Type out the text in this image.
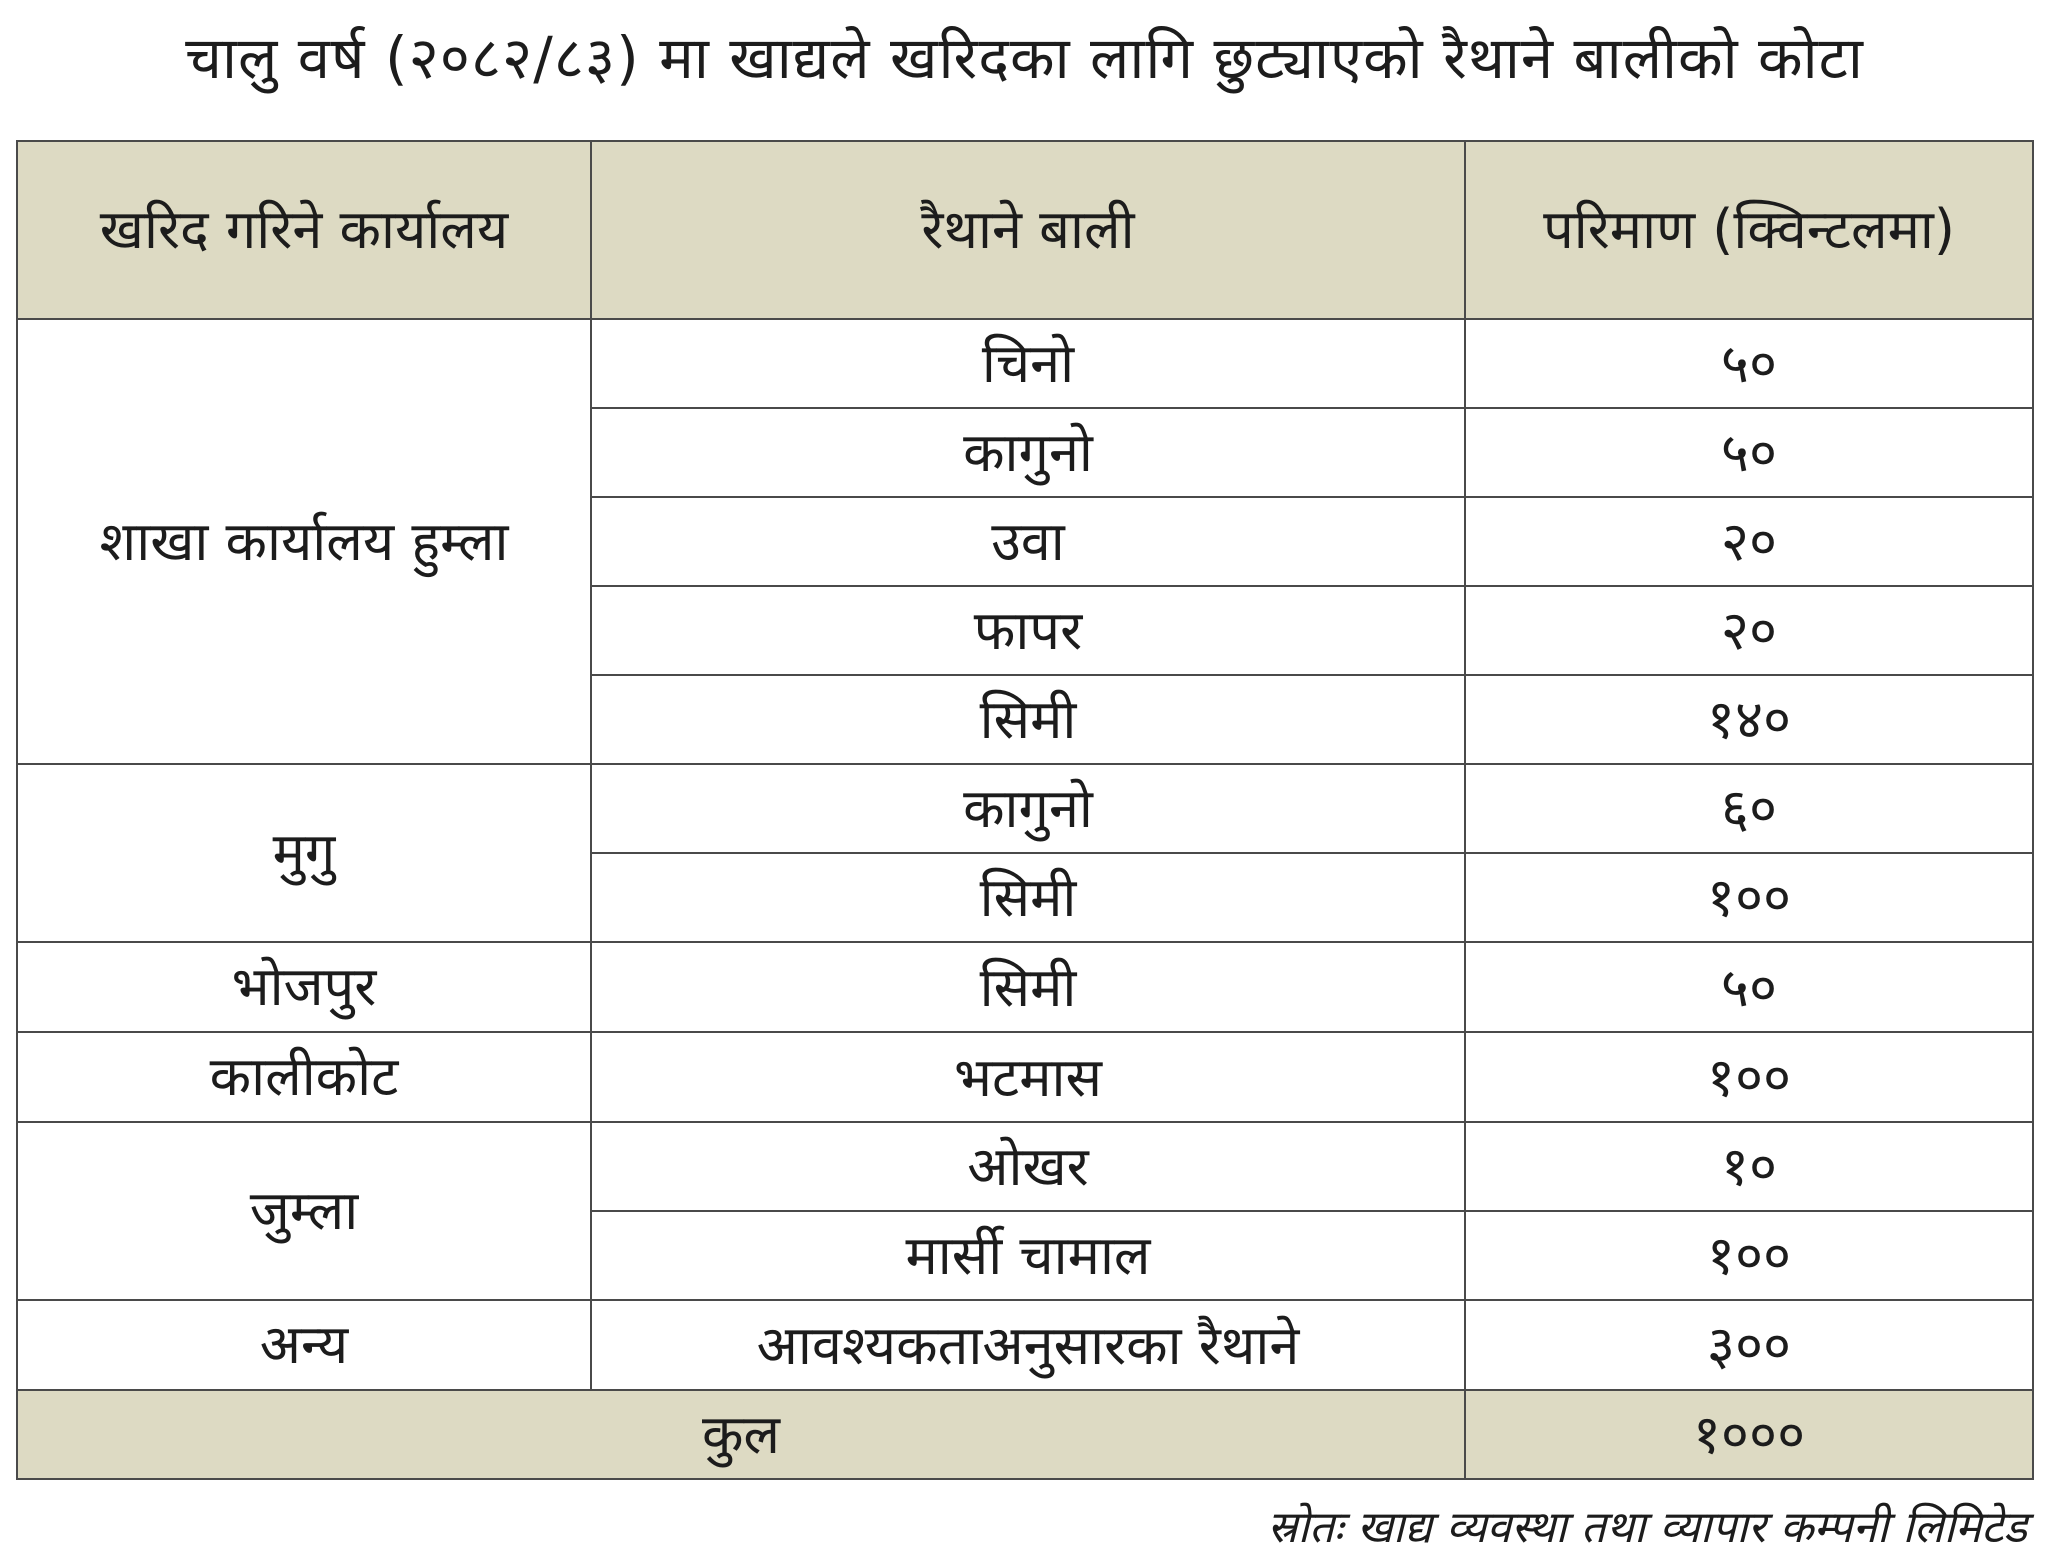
चालु वर्ष (२०८२/८३) मा खाद्यले खरिदका लागि छुट्याएको रैथाने बालीको कोटा
खरिद गरिने कार्यालय	रैथाने बाली	परिमाण (क्विन्टलमा)
शाखा कार्यालय हुम्ला	चिनो	५०
	कागुनो	५०
	उवा	२०
	फापर	२०
	सिमी	१४०
मुगु	कागुनो	६०
	सिमी	१००
भोजपुर	सिमी	५०
कालीकोट	भटमास	१००
जुम्ला	ओखर	१०
	मार्सी चामाल	१००
अन्य	आवश्यकताअनुसारका रैथाने	३००
कुल		१०००
स्रोतः खाद्य व्यवस्था तथा व्यापार कम्पनी लिमिटेड
